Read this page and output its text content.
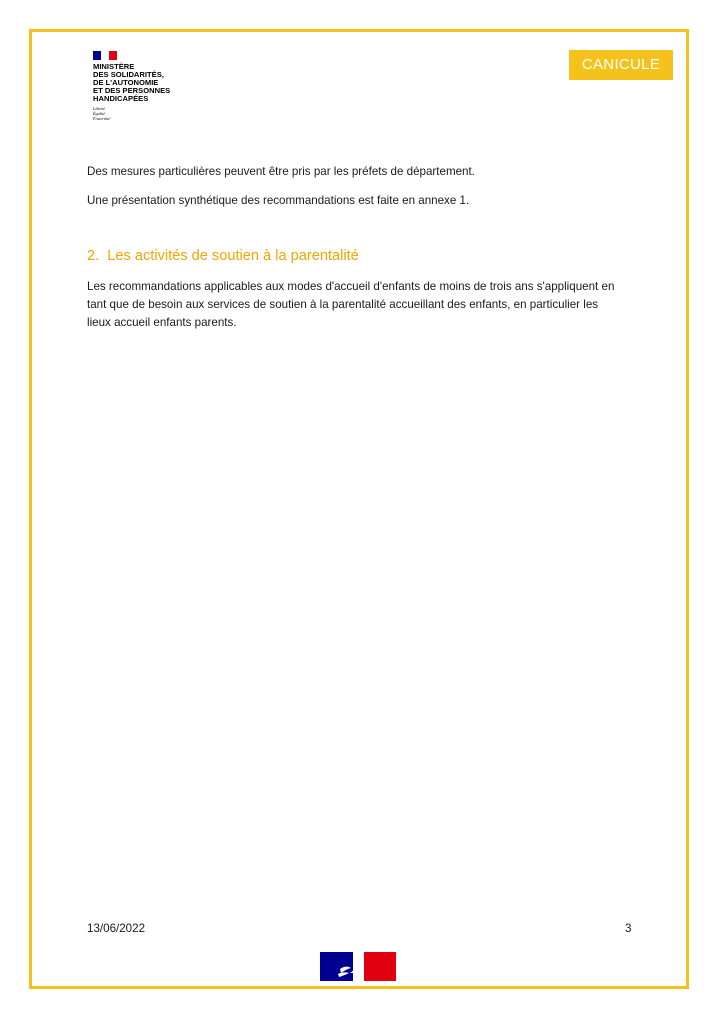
MINISTÈRE
DES SOLIDARITÉS,
DE L'AUTONOMIE
ET DES PERSONNES
HANDICAPÉES
Liberté
Égalité
Fraternité
CANICULE

Des mesures particulières peuvent être pris par les préfets de département.

Une présentation synthétique des recommandations est faite en annexe 1.

2.  Les activités de soutien à la parentalité
Les recommandations applicables aux modes d'accueil d'enfants de moins de trois ans s'appliquent en
tant que de besoin aux services de soutien à la parentalité accueillant des enfants, en particulier les
lieux accueil enfants parents.
13/06/2022	3
